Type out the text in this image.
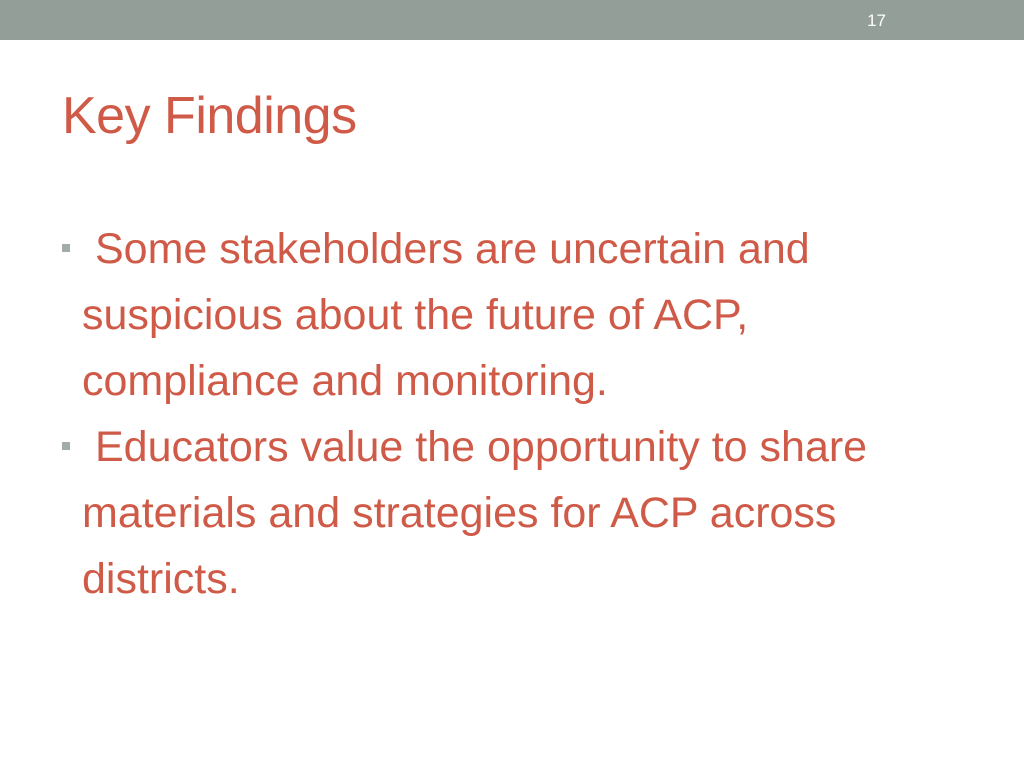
17
Key Findings
Some stakeholders are uncertain and suspicious about the future of ACP, compliance and monitoring.
Educators value the opportunity to share materials and strategies for ACP across districts.
